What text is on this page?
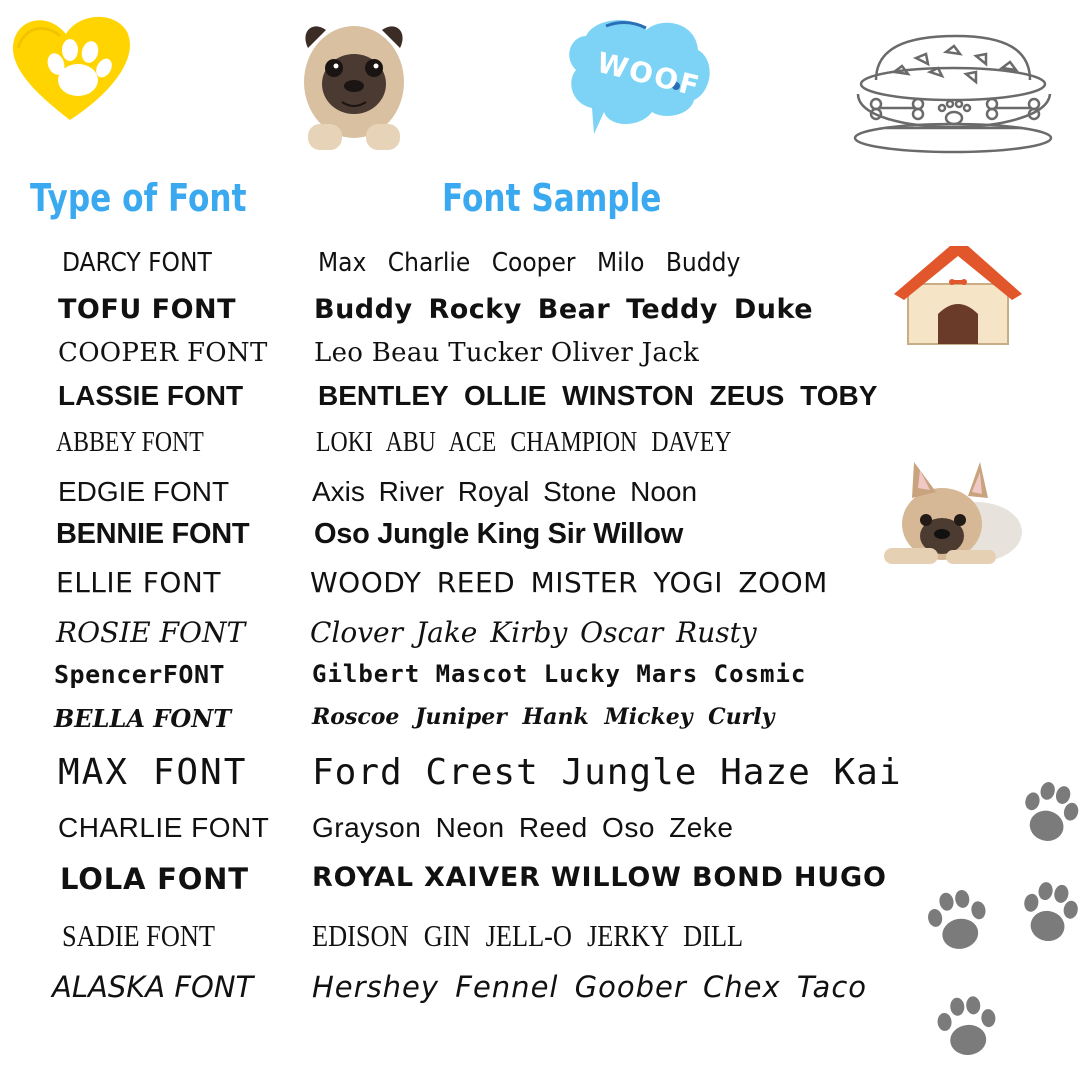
WOOF
Type of Font	Font Sample
DARCY FONT	Max Charlie Cooper Milo Buddy
TOFU FONT	Buddy Rocky Bear Teddy Duke
COOPER FONT Leo Beau Tucker Oliver Jack
LASSIE FONT	BENTLEY OLLIE WINSTON ZEUS TOBY
ABBEY FONT	LOKI ABU ACE CHAMPION DAVEY
EDGIE FONT	Axis River Royal Stone Noon
BENNIE FONT Oso Jungle King Sir Willow
ELLIE FONT	WOODY REED MISTER YOGI ZOOM
ROSIE FONT Clover Jake Kirby Oscar Rusty
SpencerFONT	Gilbert Mascot Lucky Mars Cosmic
BELLA FONT	Roscoe Juniper Hank Mickey Curly
MAX FONT Ford Crest Jungle Haze Kai
CHARLIE FONT Grayson Neon Reed Oso Zeke
LOLA FONT ROYAL XAIVER WILLOW BOND HUGO
SADIE FONT	EDISON GIN JELL-O JERKY DILL
ALASKA FONT Hershey Fennel Goober Chex Taco
